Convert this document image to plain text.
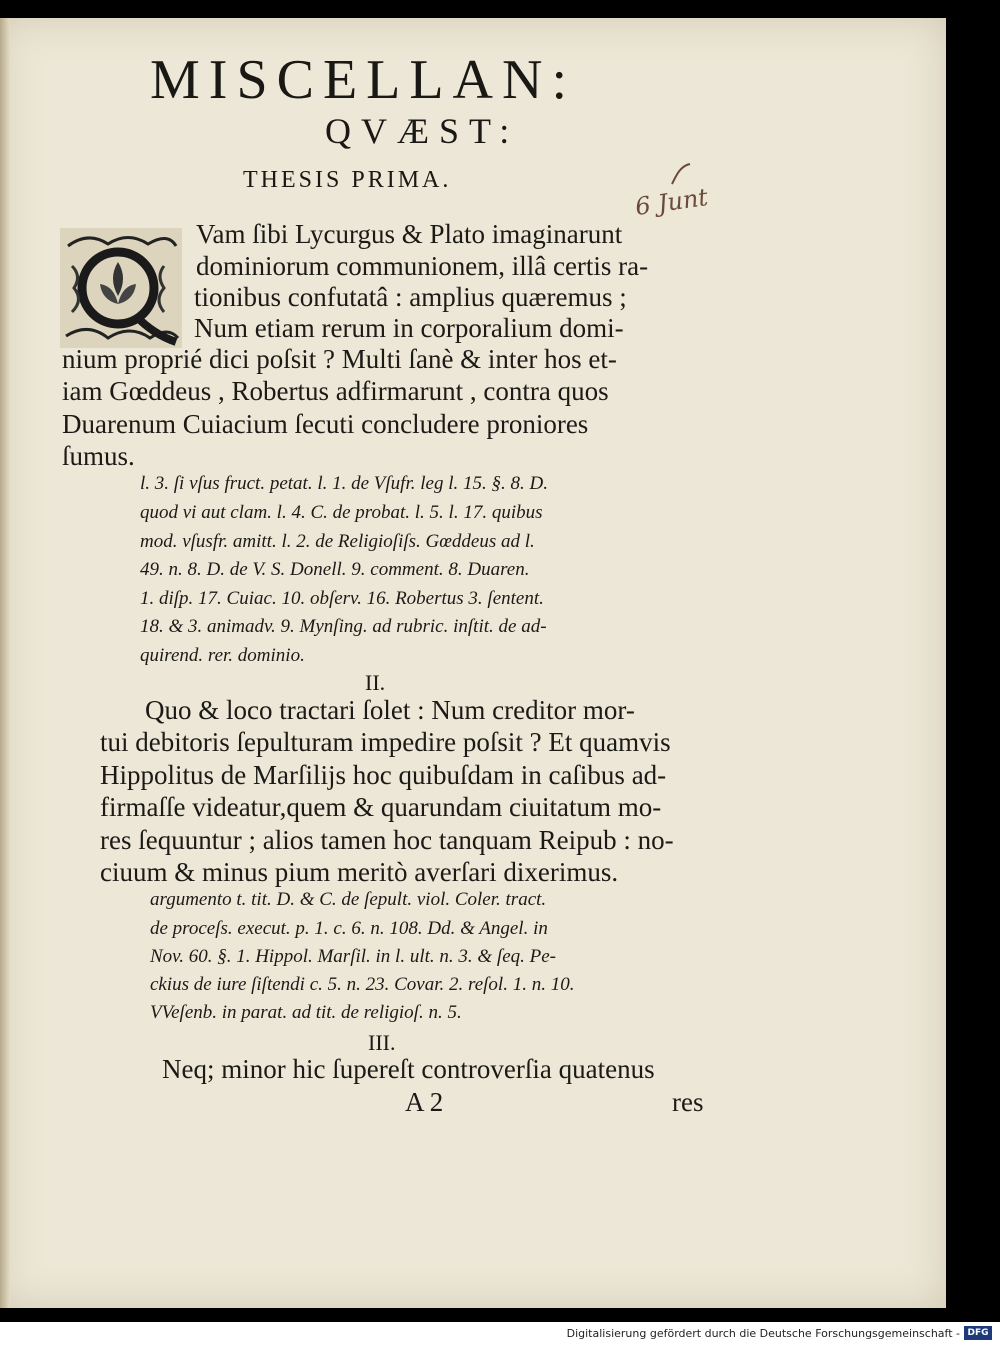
MISCELLAN:
QVÆST:
THESIS PRIMA.
6 Junt
Vam ſibi Lycurgus & Plato imaginarunt
dominiorum communionem, illâ certis ra-
tionibus confutatâ : amplius quæremus ;
Num etiam rerum in corporalium domi-
nium proprié dici poſsit ? Multi ſanè & inter hos et-
iam Gœddeus , Robertus adfirmarunt , contra quos
Duarenum Cuiacium ſecuti concludere proniores
ſumus.
l. 3. ſi vſus fruct. petat. l. 1. de Vſufr. leg l. 15. §. 8. D.
quod vi aut clam. l. 4. C. de probat. l. 5. l. 17. quibus
mod. vſusfr. amitt. l. 2. de Religioſiſs. Gœddeus ad l.
49. n. 8. D. de V. S. Donell. 9. comment. 8. Duaren.
1. diſp. 17. Cuiac. 10. obſerv. 16. Robertus 3. ſentent.
18. & 3. animadv. 9. Mynſing. ad rubric. inſtit. de ad-
quirend. rer. dominio.
II.
Quo & loco tractari ſolet : Num creditor mor-
tui debitoris ſepulturam impedire poſsit ? Et quamvis
Hippolitus de Marſilijs hoc quibuſdam in caſibus ad-
firmaſſe videatur,quem & quarundam ciuitatum mo-
res ſequuntur ; alios tamen hoc tanquam Reipub : no-
ciuum & minus pium meritò averſari dixerimus.
argumento t. tit. D. & C. de ſepult. viol. Coler. tract.
de proceſs. execut. p. 1. c. 6. n. 108. Dd. & Angel. in
Nov. 60. §. 1. Hippol. Marſil. in l. ult. n. 3. & ſeq. Pe-
ckius de iure ſiſtendi c. 5. n. 23. Covar. 2. reſol. 1. n. 10.
VVeſenb. in parat. ad tit. de religioſ. n. 5.
III.
Neq; minor hic ſupereſt controverſia quatenus
A 2	res
Digitalisierung gefördert durch die Deutsche Forschungsgemeinschaft - DFG
